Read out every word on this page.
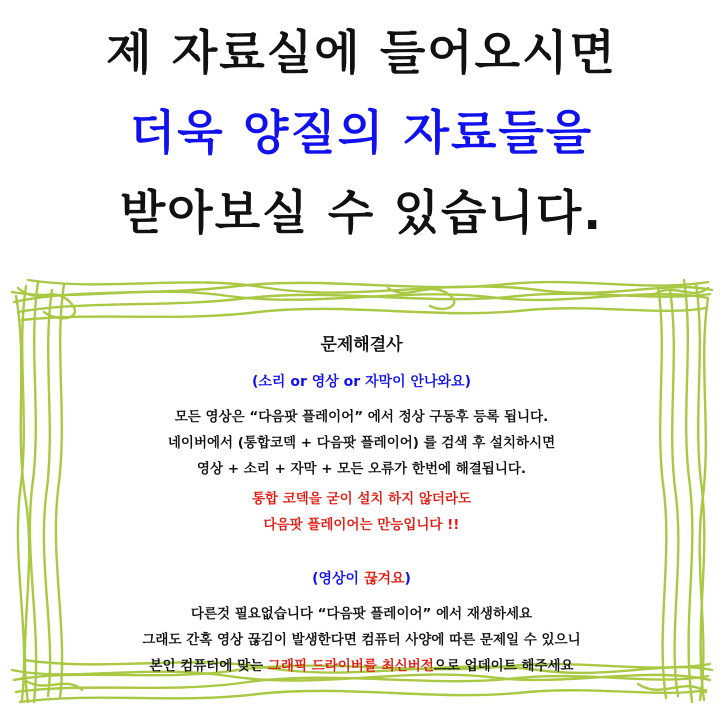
제 자료실에 들어오시면
더욱 양질의 자료들을
받아보실 수 있습니다.
문제해결사
(소리 or 영상 or 자막이 안나와요)

모든 영상은 “다음팟 플레이어” 에서 정상 구동후 등록 됩니다.

네이버에서 (통합코덱 + 다음팟 플레이어) 를 검색 후 설치하시면

영상 + 소리 + 자막 + 모든 오류가 한번에 해결됩니다.

통합 코덱을 굳이 설치 하지 않더라도

다음팟 플레이어는 만능입니다 !!

(영상이 끊겨요)

다른것 필요없습니다 “다음팟 플레이어” 에서 재생하세요

그래도 간혹 영상 끊김이 발생한다면 컴퓨터 사양에 따른 문제일 수 있으니

본인 컴퓨터에 맞는 그래픽 드라이버를 최신버전으로 업데이트 해주세요
